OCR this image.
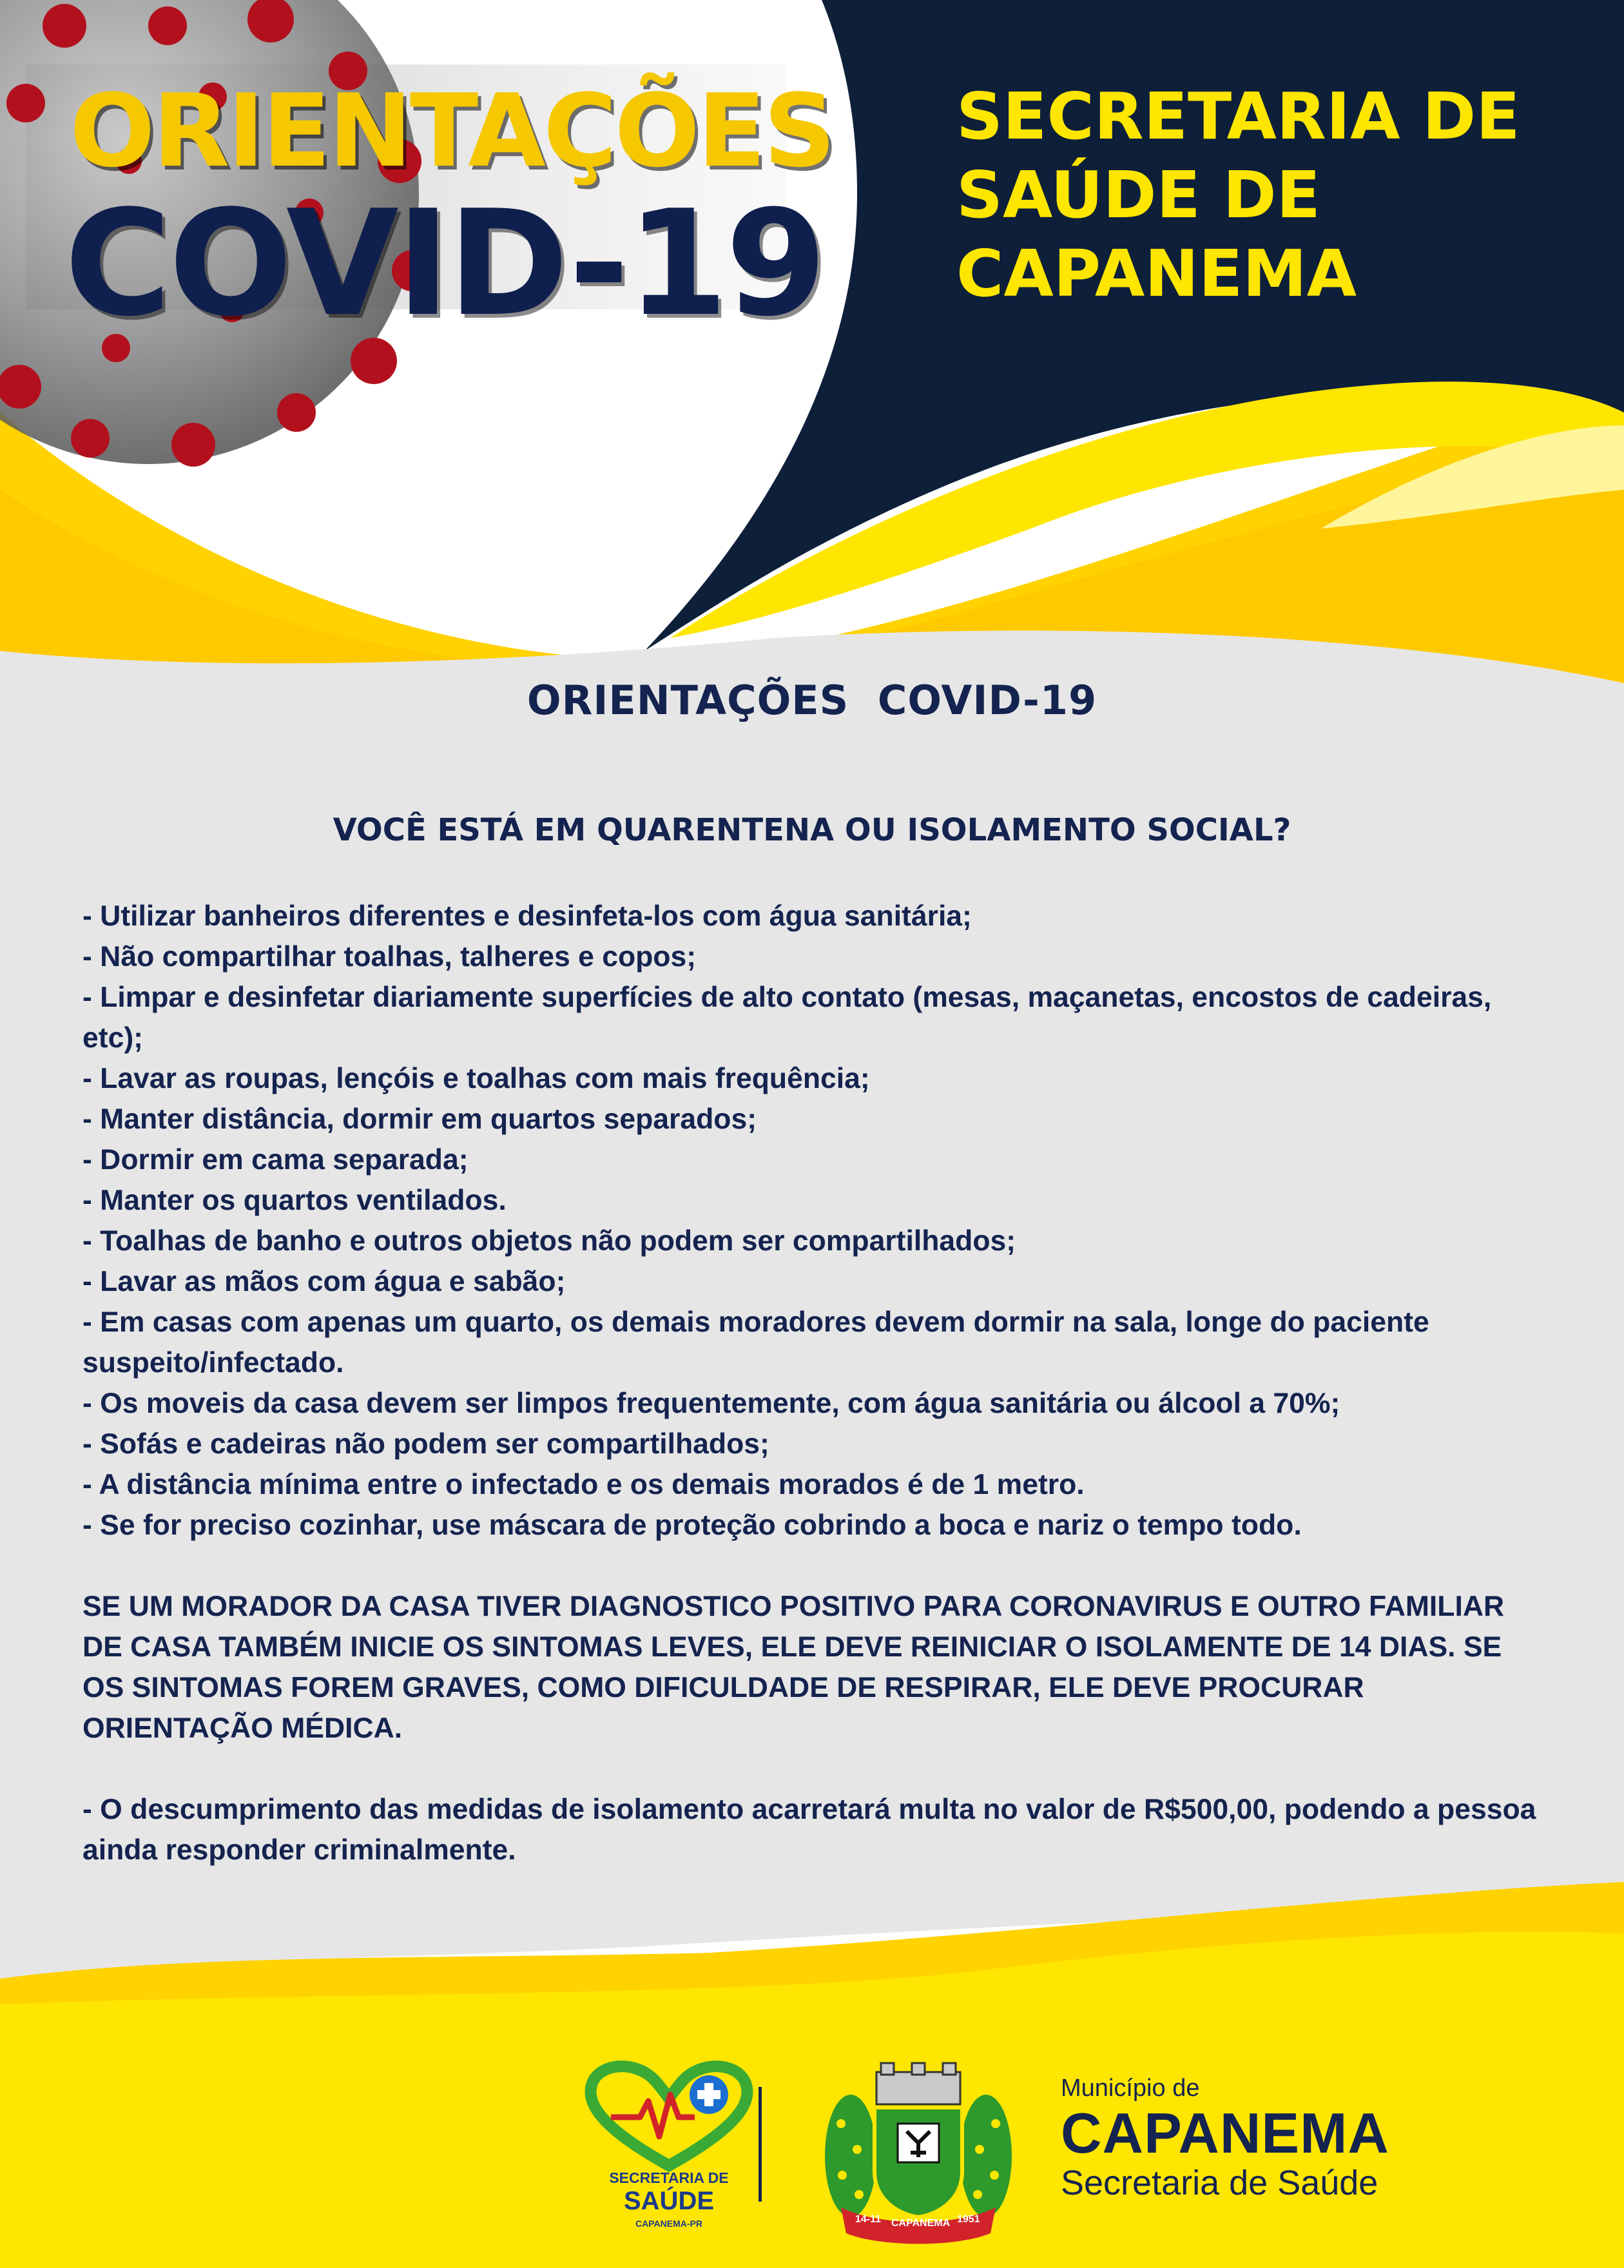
ORIENTAÇÕES
COVID-19
SECRETARIA DE
SAÚDE DE
CAPANEMA
ORIENTAÇÕES COVID-19
VOCÊ ESTÁ EM QUARENTENA OU ISOLAMENTO SOCIAL?

- Utilizar banheiros diferentes e desinfeta-los com água sanitária;

- Não compartilhar toalhas, talheres e copos;

- Limpar e desinfetar diariamente superfícies de alto contato (mesas, maçanetas, encostos de cadeiras, etc);

- Lavar as roupas, lençóis e toalhas com mais frequência;

- Manter distância, dormir em quartos separados;

- Dormir em cama separada;

- Manter os quartos ventilados.

- Toalhas de banho e outros objetos não podem ser compartilhados;

- Lavar as mãos com água e sabão;

- Em casas com apenas um quarto, os demais moradores devem dormir na sala, longe do paciente suspeito/infectado.

- Os moveis da casa devem ser limpos frequentemente, com água sanitária ou álcool a 70%;

- Sofás e cadeiras não podem ser compartilhados;

- A distância mínima entre o infectado e os demais morados é de 1 metro.

- Se for preciso cozinhar, use máscara de proteção cobrindo a boca e nariz o tempo todo.

SE UM MORADOR DA CASA TIVER DIAGNOSTICO POSITIVO PARA CORONAVIRUS E OUTRO FAMILIAR DE CASA TAMBÉM INICIE OS SINTOMAS LEVES, ELE DEVE REINICIAR O ISOLAMENTE DE 14 DIAS. SE OS SINTOMAS FOREM GRAVES, COMO DIFICULDADE DE RESPIRAR, ELE DEVE PROCURAR ORIENTAÇÃO MÉDICA.

- O descumprimento das medidas de isolamento acarretará multa no valor de R$500,00, podendo a pessoa ainda responder criminalmente.

SECRETARIA DE
SAÚDE
CAPANEMA-PR	14-11 CAPANEMA 1951
Município de
CAPANEMA
Secretaria de Saúde
